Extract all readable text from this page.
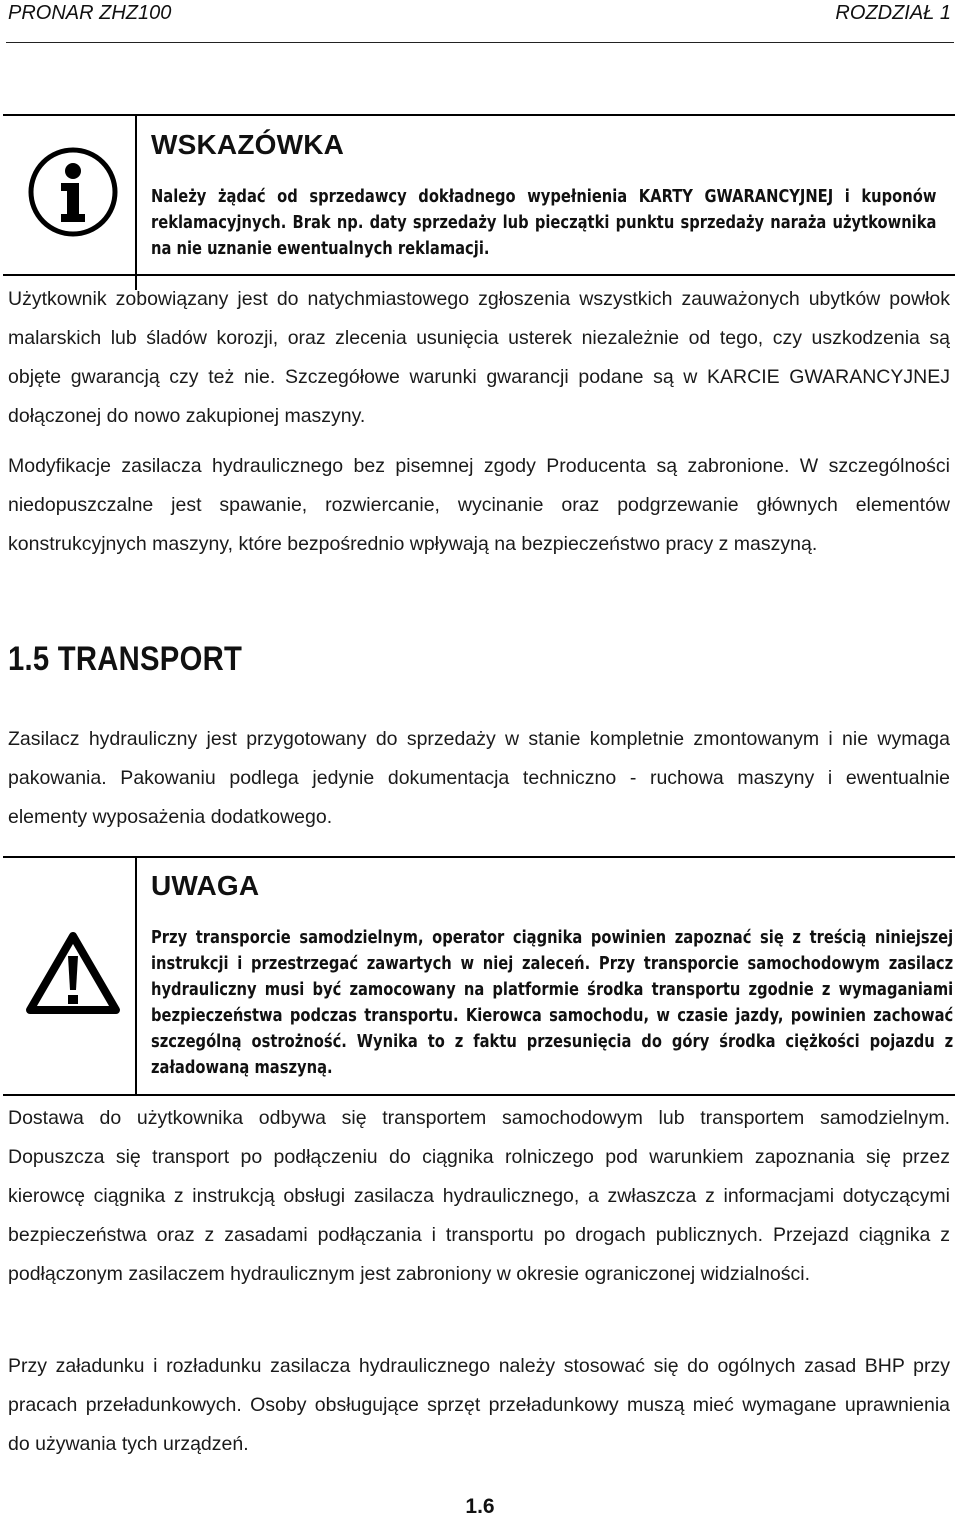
PRONAR ZHZ100	ROZDZIAŁ 1
WSKAZÓWKA
Należy żądać od sprzedawcy dokładnego wypełnienia KARTY GWARANCYJNEJ i kuponów reklamacyjnych. Brak np. daty sprzedaży lub pieczątki punktu sprzedaży naraża użytkownika na nie uznanie ewentualnych reklamacji.
Użytkownik zobowiązany jest do natychmiastowego zgłoszenia wszystkich zauważonych ubytków powłok malarskich lub śladów korozji, oraz zlecenia usunięcia usterek niezależnie od tego, czy uszkodzenia są objęte gwarancją czy też nie. Szczegółowe warunki gwarancji podane są w KARCIE GWARANCYJNEJ dołączonej do nowo zakupionej maszyny.
Modyfikacje zasilacza hydraulicznego bez pisemnej zgody Producenta są zabronione. W szczególności niedopuszczalne jest spawanie, rozwiercanie, wycinanie oraz podgrzewanie głównych elementów konstrukcyjnych maszyny, które bezpośrednio wpływają na bezpieczeństwo pracy z maszyną.
1.5 TRANSPORT
Zasilacz hydrauliczny jest przygotowany do sprzedaży w stanie kompletnie zmontowanym i nie wymaga pakowania. Pakowaniu podlega jedynie dokumentacja techniczno - ruchowa maszyny i ewentualnie elementy wyposażenia dodatkowego.
UWAGA
Przy transporcie samodzielnym, operator ciągnika powinien zapoznać się z treścią niniejszej instrukcji i przestrzegać zawartych w niej zaleceń. Przy transporcie samochodowym zasilacz hydrauliczny musi być zamocowany na platformie środka transportu zgodnie z wymaganiami bezpieczeństwa podczas transportu. Kierowca samochodu, w czasie jazdy, powinien zachować szczególną ostrożność. Wynika to z faktu przesunięcia do góry środka ciężkości pojazdu z załadowaną maszyną.
Dostawa do użytkownika odbywa się transportem samochodowym lub transportem samodzielnym. Dopuszcza się transport po podłączeniu do ciągnika rolniczego pod warunkiem zapoznania się przez kierowcę ciągnika z instrukcją obsługi zasilacza hydraulicznego, a zwłaszcza z informacjami dotyczącymi bezpieczeństwa oraz z zasadami podłączania i transportu po drogach publicznych. Przejazd ciągnika z podłączonym zasilaczem hydraulicznym jest zabroniony w okresie ograniczonej widzialności.
Przy załadunku i rozładunku zasilacza hydraulicznego należy stosować się do ogólnych zasad BHP przy pracach przeładunkowych. Osoby obsługujące sprzęt przeładunkowy muszą mieć wymagane uprawnienia do używania tych urządzeń.
1.6
